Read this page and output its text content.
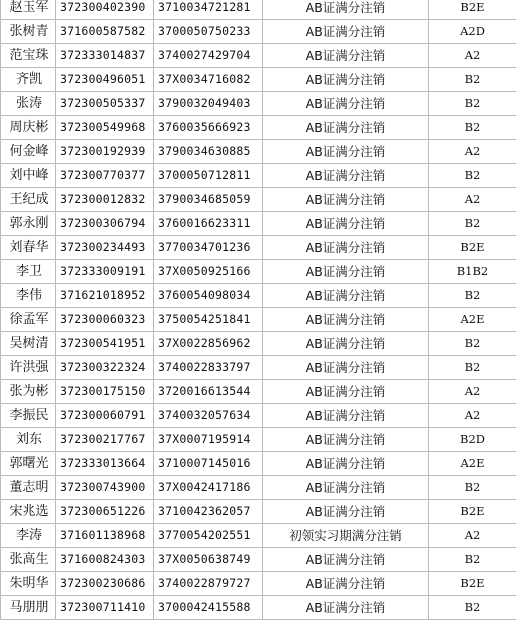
赵玉军	372300402390	3710034721281	AB证满分注销	B2E
张树青	371600587582	3700050750233	AB证满分注销	A2D
范宝珠	372333014837	3740027429704	AB证满分注销	A2
齐凯	372300496051	37X0034716082	AB证满分注销	B2
张涛	372300505337	3790032049403	AB证满分注销	B2
周庆彬	372300549968	3760035666923	AB证满分注销	B2
何金峰	372300192939	3790034630885	AB证满分注销	A2
刘中峰	372300770377	3700050712811	AB证满分注销	B2
王纪成	372300012832	3790034685059	AB证满分注销	A2
郭永刚	372300306794	3760016623311	AB证满分注销	B2
刘春华	372300234493	3770034701236	AB证满分注销	B2E
李卫	372333009191	37X0050925166	AB证满分注销	B1B2
李伟	371621018952	3760054098034	AB证满分注销	B2
徐孟军	372300060323	3750054251841	AB证满分注销	A2E
吴树清	372300541951	37X0022856962	AB证满分注销	B2
许洪强	372300322324	3740022833797	AB证满分注销	B2
张为彬	372300175150	3720016613544	AB证满分注销	A2
李振民	372300060791	3740032057634	AB证满分注销	A2
刘东	372300217767	37X0007195914	AB证满分注销	B2D
郭曙光	372333013664	3710007145016	AB证满分注销	A2E
董志明	372300743900	37X0042417186	AB证满分注销	B2
宋兆选	372300651226	3710042362057	AB证满分注销	B2E
李涛	371601138968	3770054202551	初领实习期满分注销	A2
张高生	371600824303	37X0050638749	AB证满分注销	B2
朱明华	372300230686	3740022879727	AB证满分注销	B2E
马朋朋	372300711410	3700042415588	AB证满分注销	B2
